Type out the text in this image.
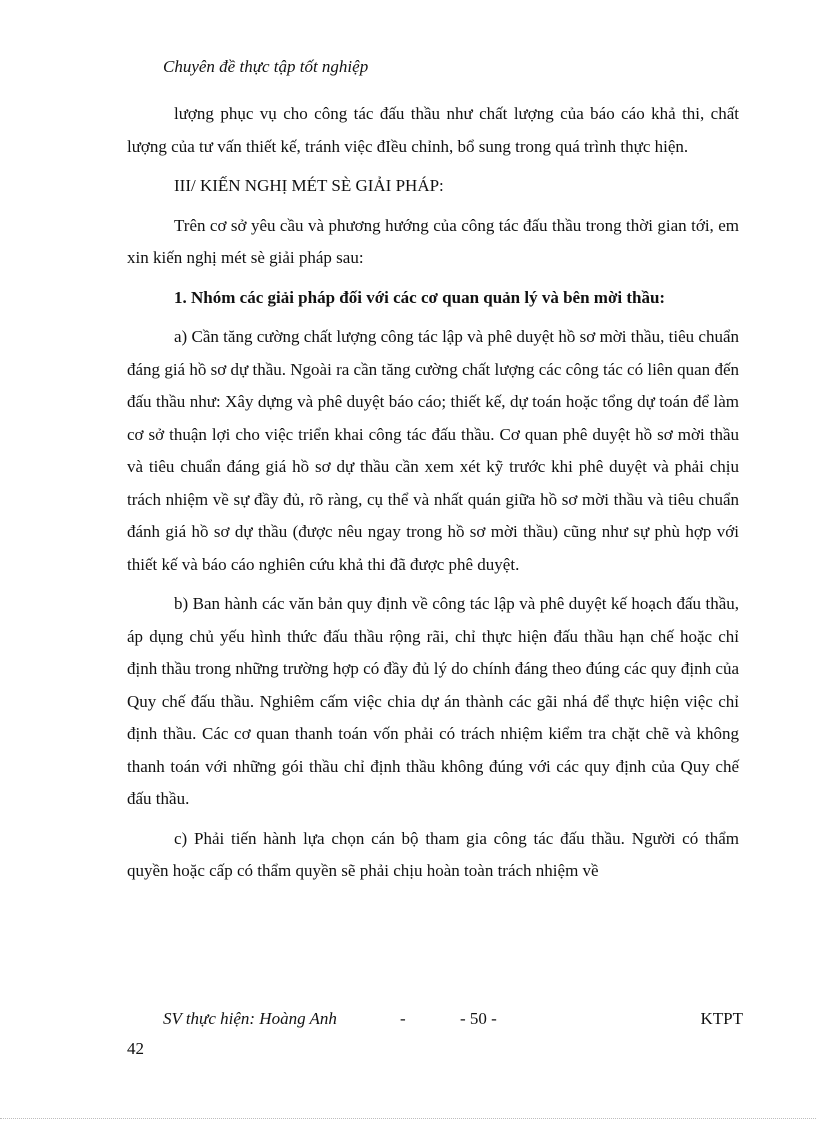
Chuyên đề thực tập tốt nghiệp

lượng phục vụ cho công tác đấu thầu như chất lượng của báo cáo khả thi, chất lượng của tư vấn thiết kế, tránh việc đIều chỉnh, bổ sung trong quá trình thực hiện.

III/ KIẾN NGHỊ MÉT SÈ GIẢI PHÁP:

Trên cơ sở yêu cầu và phương hướng của công tác đấu thầu trong thời gian tới, em xin kiến nghị mét sè giải pháp sau:

1. Nhóm các giải pháp đối với các cơ quan quản lý và bên mời thầu:

a) Cần tăng cường chất lượng công tác lập và phê duyệt hồ sơ mời thầu, tiêu chuẩn đáng giá hồ sơ dự thầu. Ngoài ra cần tăng cường chất lượng các công tác có liên quan đến đấu thầu như: Xây dựng và phê duyệt báo cáo; thiết kế, dự toán hoặc tổng dự toán để làm cơ sở thuận lợi cho việc triển khai công tác đấu thầu. Cơ quan phê duyệt hồ sơ mời thầu và tiêu chuẩn đáng giá hồ sơ dự thầu cần xem xét kỹ trước khi phê duyệt và phải chịu trách nhiệm về sự đầy đủ, rõ ràng, cụ thể và nhất quán giữa hồ sơ mời thầu và tiêu chuẩn đánh giá hồ sơ dự thầu (được nêu ngay trong hồ sơ mời thầu) cũng như sự phù hợp với thiết kế và báo cáo nghiên cứu khả thi đã được phê duyệt.

b) Ban hành các văn bản quy định về công tác lập và phê duyệt kế hoạch đấu thầu, áp dụng chủ yếu hình thức đấu thầu rộng rãi, chỉ thực hiện đấu thầu hạn chế hoặc chỉ định thầu trong những trường hợp có đầy đủ lý do chính đáng theo đúng các quy định của Quy chế đấu thầu. Nghiêm cấm việc chia dự án thành các gãi nhá để thực hiện việc chỉ định thầu. Các cơ quan thanh toán vốn phải có trách nhiệm kiểm tra chặt chẽ và không thanh toán với những gói thầu chỉ định thầu không đúng với các quy định của Quy chế đấu thầu.

c) Phải tiến hành lựa chọn cán bộ tham gia công tác đấu thầu. Người có thẩm quyền hoặc cấp có thẩm quyền sẽ phải chịu hoàn toàn trách nhiệm về

SV thực hiện: Hoàng Anh	-	- 50 -	KTPT
42
